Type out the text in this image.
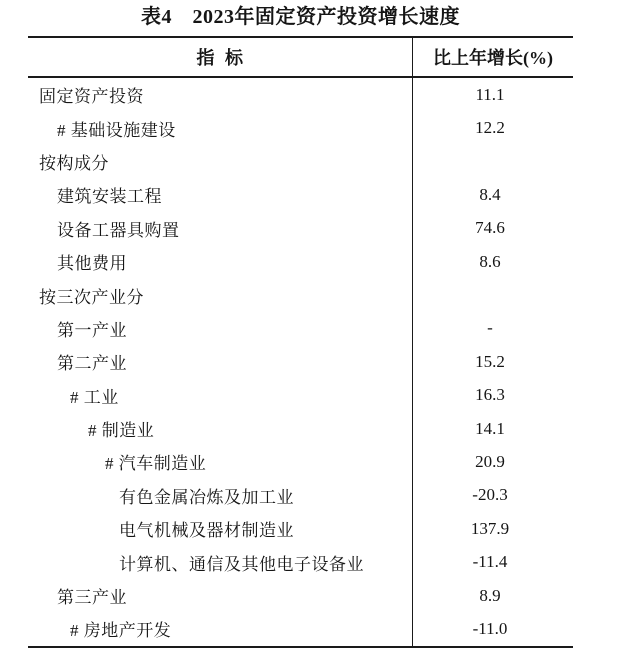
表4　2023年固定资产投资增长速度
指  标	比上年增长(%)
固定资产投资	11.1
# 基础设施建设	12.2
按构成分
建筑安装工程	8.4
设备工器具购置	74.6
其他费用	8.6
按三次产业分
第一产业	-
第二产业	15.2
# 工业	16.3
# 制造业	14.1
# 汽车制造业	20.9
有色金属冶炼及加工业	-20.3
电气机械及器材制造业	137.9
计算机、通信及其他电子设备业	-11.4
第三产业	8.9
# 房地产开发	-11.0
